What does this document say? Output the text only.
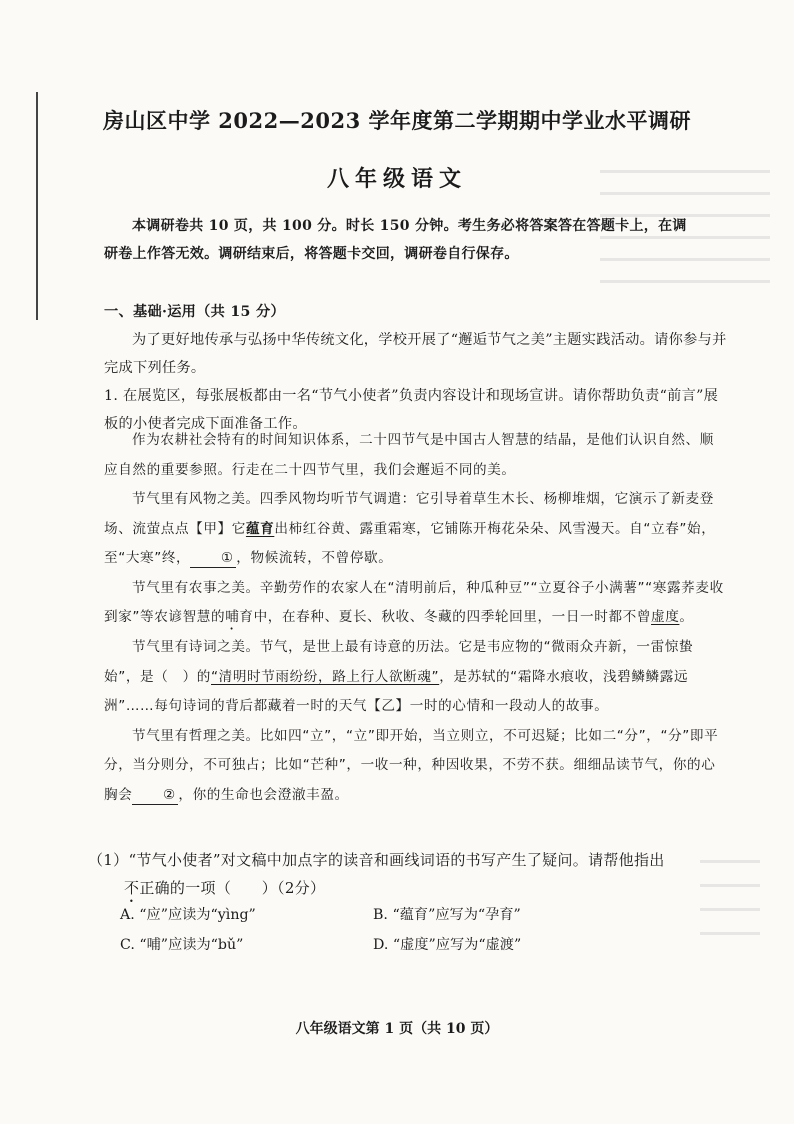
房山区中学 2022—2023 学年度第二学期期中学业水平调研
八年级语文
本调研卷共 10 页，共 100 分。时长 150 分钟。考生务必将答案答在答题卡上，在调
研卷上作答无效。调研结束后，将答题卡交回，调研卷自行保存。
一、基础·运用（共 15 分）
为了更好地传承与弘扬中华传统文化，学校开展了“邂逅节气之美”主题实践活动。请你参与并完成下列任务。
1. 在展览区，每张展板都由一名“节气小使者”负责内容设计和现场宣讲。请你帮助负责“前言”展板的小使者完成下面准备工作。
作为农耕社会特有的时间知识体系，二十四节气是中国古人智慧的结晶，是他们认识自然、顺应自然的重要参照。行走在二十四节气里，我们会邂逅不同的美。
节气里有风物之美。四季风物均听节气调遣：它引导着草生木长、杨柳堆烟，它演示了新麦登场、流萤点点【甲】它蕴育出柿红谷黄、露重霜寒，它铺陈开梅花朵朵、风雪漫天。自“立春”始，至“大寒”终， ① ，物候流转，不曾停歇。
节气里有农事之美。辛勤劳作的农家人在“清明前后，种瓜种豆”“立夏谷子小满薯”“寒露荞麦收到家”等农谚智慧的哺育中，在春种、夏长、秋收、冬藏的四季轮回里，一日一时都不曾虚度。
节气里有诗词之美。节气，是世上最有诗意的历法。它是韦应物的“微雨众卉新，一雷惊蛰始”，是（　）的“清明时节雨纷纷，路上行人欲断魂”，是苏轼的“霜降水痕收，浅碧鳞鳞露远洲”……每句诗词的背后都藏着一时的天气【乙】一时的心情和一段动人的故事。
节气里有哲理之美。比如四“立”，“立”即开始，当立则立，不可迟疑；比如二“分”，“分”即平分，当分则分，不可独占；比如“芒种”，一收一种，种因收果，不劳不获。细细品读节气，你的心胸会 ② ，你的生命也会澄澈丰盈。
（1）“节气小使者”对文稿中加点字的读音和画线词语的书写产生了疑问。请帮他指出
不正确的一项（　　）（2分）
A. “应”应读为“yìng”	B. “蕴育”应写为“孕育”
C. “哺”应读为“bǔ”	D. “虚度”应写为“虚渡”
八年级语文第 1 页（共 10 页）
